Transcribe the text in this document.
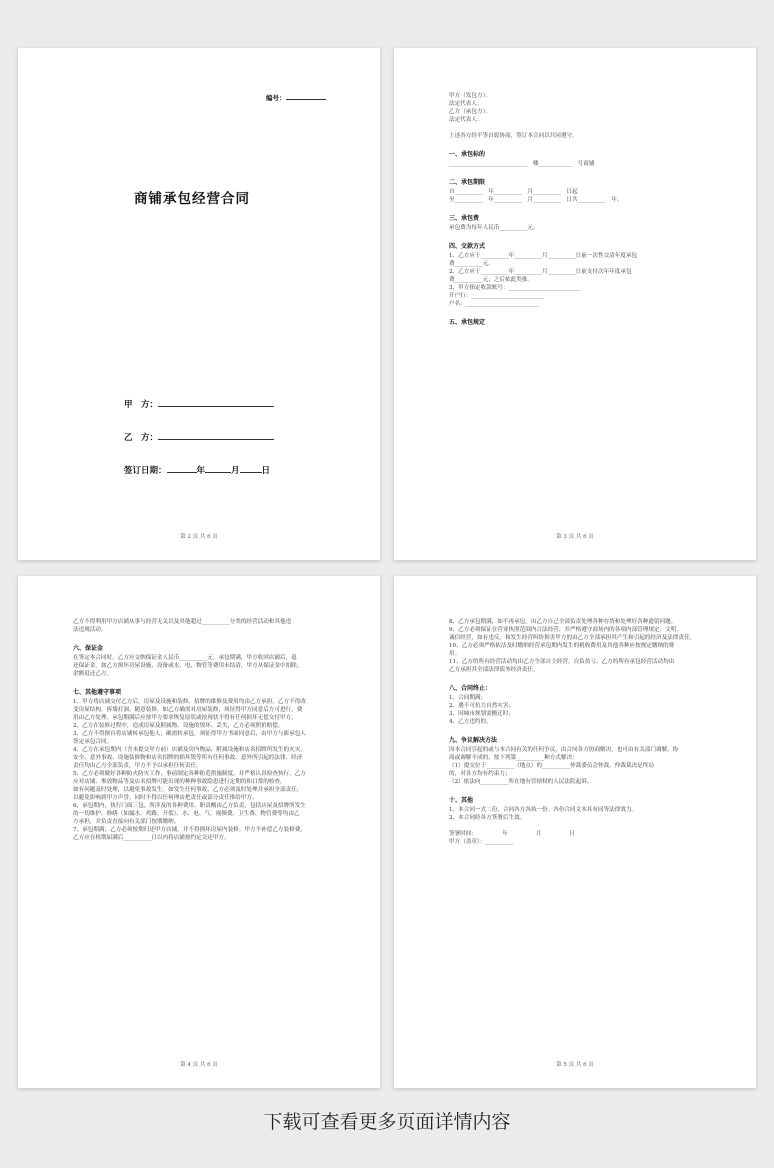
编号：
商铺承包经营合同
甲　方：
乙　方：
签订日期：	年	月	日
第 2 页 共 6 页
甲方（发包方）：
法定代表人：
乙方（承包方）：
法定代表人：
上述各方经平等自愿协商，签订本合同以共同遵守。
一、承包标的
____________________________　楼____________　号商铺
二、承包期限
自__________　年__________　月__________　日起
至__________　年__________　月__________　日共__________　年。
三、承包费
承包费为每年人民币__________元。
四、交款方式
1、乙方应于__________年__________月__________日前一次性交清年度承包
费__________元。
2、乙方应于__________年__________月__________日前支付次年年度承包
费__________元；之后依此类推。
3、甲方指定收款账号：__________________________
开户行：__________________________
户名：__________________________
五、承包规定
第 3 页 共 6 页
乙方不得利用甲方店铺从事与经营无关以及其他超过__________分类的经营活动和其他违
法违规活动。
六、保证金
在签定本合同时，乙方应交纳保证金人民币__________元。承包期满，甲方收回店铺后，退
还保证金。如乙方损坏房屋设施、设备或水、电、物管等费用未结清，甲方从保证金中扣除，
余额退还乙方。
七、其他遵守事项
1、甲方将店铺交付乙方后，房屋及设施和装修、招牌的维修及费用均由乙方承担。乙方不得改
变房屋结构，拆墙打洞，随意装修。如乙方确需对房屋装修，须征得甲方同意后方可进行，费
用由乙方处理。承包期满后应按甲方要求恢复原状或按现状不得有任何损坏无偿交付甲方。
2、乙方在装修过程中，造成房屋及附属物、设施的毁坏、丢失，乙方必须照价赔偿。
3、乙方不得擅自将店铺转承包他人，确需转承包，须征得甲方书面同意后，由甲方与新承包人
签定承包合同。
4、乙方在承包期内（含未提交甲方前）店铺及房内物品、附属设施和店名招牌所发生的火灾、
安全、意外事故、设施装修物和店名招牌的损坏毁等所有任何事故、意外所引起的法律、经济
责任均由乙方全部负责，甲方不予以承担任何责任。
5、乙方必须做好各种防火防灾工作，事前制定各种防范措施制度，并严格认真检查执行。乙方
应对店铺、堆放物品等及店名招牌可能出现的种种事故隐患进行定期的和日常的检查，
如有问题及时处理，以避免事故发生。如发生任何事故，乙方必须及时处理并承担全部责任，
以避免影响到甲方声誉，同时不得以任何理由把责任或部分责任推给甲方。
6、承包期内，执行门面三包，所涉及的各种费用、职责概由乙方负责，包括店屋及招牌所发生
的一切维护、修缮（如漏水、鸡路、开裂）、水、电、气、视频费、卫生费、物管费等均由乙
方承担，并负责直接向有关部门按期缴纳。
7、承包期满，乙方必须按期归还甲方店铺，并不得损坏房屋内装修。甲方不补偿乙方装修费，
乙方应在租期届满后__________日以内将店铺按约定交还甲方。
第 4 页 共 6 页
8、乙方承包期满，如不再承包，由乙方自己全部负责处理各种存货和处理好各种遗留问题。
9、乙方必须保证在营业执照范围内合法经营，并严格遵守商场内的各项内部管理规定、文明、
诚信经营，如有违反，和发生经营纠纷损害甲方的由乙方全部承担其产生和引起的经济及法律责任。
10、乙方必须严格依法及时缴纳经营承包期内发生的税收费用及其他各种应按规定缴纳的费
用。
11、乙方的所有经营活动均由乙方全部自主经营，自负盈亏，乙方的所有承包经营活动均由
乙方承担其全部法律债务经济责任。
八、合同终止：
1、合同期满；
2、遇不可抗力自然灾害；
3、因城市规划需搬迁时；
4、乙方违约的。
九、争议解决方法
因本合同引起的或与本合同有关的任何争议，由合同各方协商解决，也可由有关部门调解。协
商或调解不成的，按下列第__________种方式解决：
（1）提交位于__________（地点）的__________仲裁委员会仲裁。仲裁裁决是终局
的，对各方均有约束力；
（2）依法向__________所在地有管辖权的人民法院起诉。
十、其他
1、本合同一式二份，合同各方各执一份。各份合同文本具有同等法律效力。
2、本合同经各方签署后生效。
签署时间：　　　　　年　　　　　月　　　　　日
甲方（盖章）：__________
第 5 页 共 6 页
下载可查看更多页面详情内容
